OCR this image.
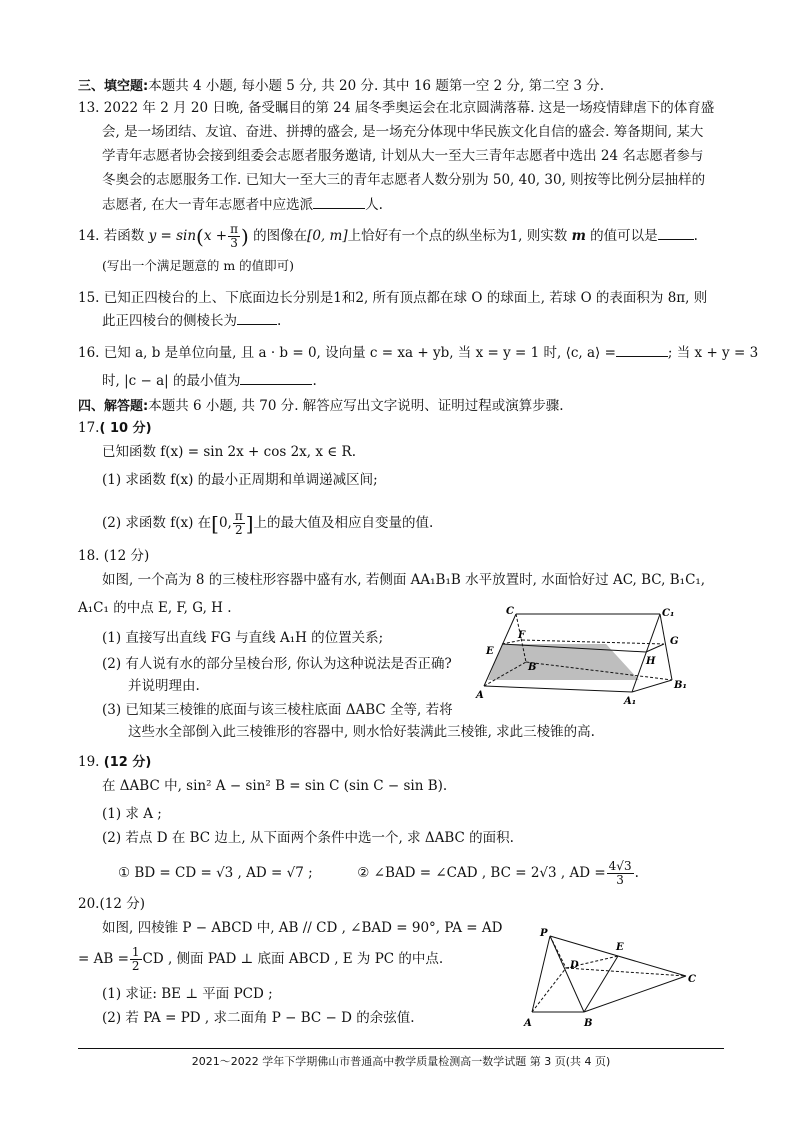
三、填空题:本题共 4 小题, 每小题 5 分, 共 20 分. 其中 16 题第一空 2 分, 第二空 3 分.
13. 2022 年 2 月 20 日晚, 备受瞩目的第 24 届冬季奥运会在北京圆满落幕. 这是一场疫情肆虐下的体育盛
会, 是一场团结、友谊、奋进、拼搏的盛会, 是一场充分体现中华民族文化自信的盛会. 筹备期间, 某大
学青年志愿者协会接到组委会志愿者服务邀请, 计划从大一至大三青年志愿者中选出 24 名志愿者参与
冬奥会的志愿服务工作. 已知大一至大三的青年志愿者人数分别为 50, 40, 30, 则按等比例分层抽样的
志愿者, 在大一青年志愿者中应选派	人.
14. 若函数 $y = \sin(x + \frac{\pi}{3}$ ) 的图像在[0, m]上恰好有一个点的纵坐标为1, 则实数 m 的值可以是	.
(写出一个满足题意的 m 的值即可)
15. 已知正四棱台的上、下底面边长分别是1和2, 所有顶点都在球 O 的球面上, 若球 O 的表面积为 8π, 则
此正四棱台的侧棱长为	.
16. 已知 a, b 是单位向量, 且 a · b = 0, 设向量 c = xa + yb, 当 x = y = 1 时, ⟨c, a⟩ =	; 当 x + y = 3
时, |c − a| 的最小值为	.
四、解答题:本题共 6 小题, 共 70 分. 解答应写出文字说明、证明过程或演算步骤.
17.( 10 分)
已知函数 f(x) = sin 2x + cos 2x, x ∈ R.
(1) 求函数 f(x) 的最小正周期和单调递减区间;
(2) 求函数 f(x) 在[0, $\frac{\pi}{2}$ ]上的最大值及相应自变量的值.
18. (12 分)
如图, 一个高为 8 的三棱柱形容器中盛有水, 若侧面 AA₁B₁B 水平放置时, 水面恰好过 AC, BC, B₁C₁,
A₁C₁ 的中点 E, F, G, H .
(1) 直接写出直线 FG 与直线 A₁H 的位置关系;
(2) 有人说有水的部分呈棱台形, 你认为这种说法是否正确?
并说明理由.
(3) 已知某三棱锥的底面与该三棱柱底面 ΔABC 全等, 若将
这些水全部倒入此三棱锥形的容器中, 则水恰好装满此三棱锥, 求此三棱锥的高.
C	C₁
F
G
E
H
B
A
A₁
B₁
19. (12 分)
在 ΔABC 中, sin² A − sin² B = sin C (sin C − sin B).
(1) 求 A ;
(2) 若点 D 在 BC 边上, 从下面两个条件中选一个, 求 ΔABC 的面积.
① BD = CD = √3 , AD = √7 ;	② ∠BAD = ∠CAD , BC = 2√3 , AD = $\frac{4√3}{3}$ .
20.(12 分)
如图, 四棱锥 P − ABCD 中, AB // CD , ∠BAD = 90°, PA = AD
= AB = $\frac{1}{2}$ CD , 侧面 PAD ⊥ 底面 ABCD , E 为 PC 的中点.
(1) 求证: BE ⊥ 平面 PCD ;
(2) 若 PA = PD , 求二面角 P − BC − D 的余弦值.
P
E
D
C
A	B
2021～2022 学年下学期佛山市普通高中教学质量检测高一数学试题 第 3 页(共 4 页)
